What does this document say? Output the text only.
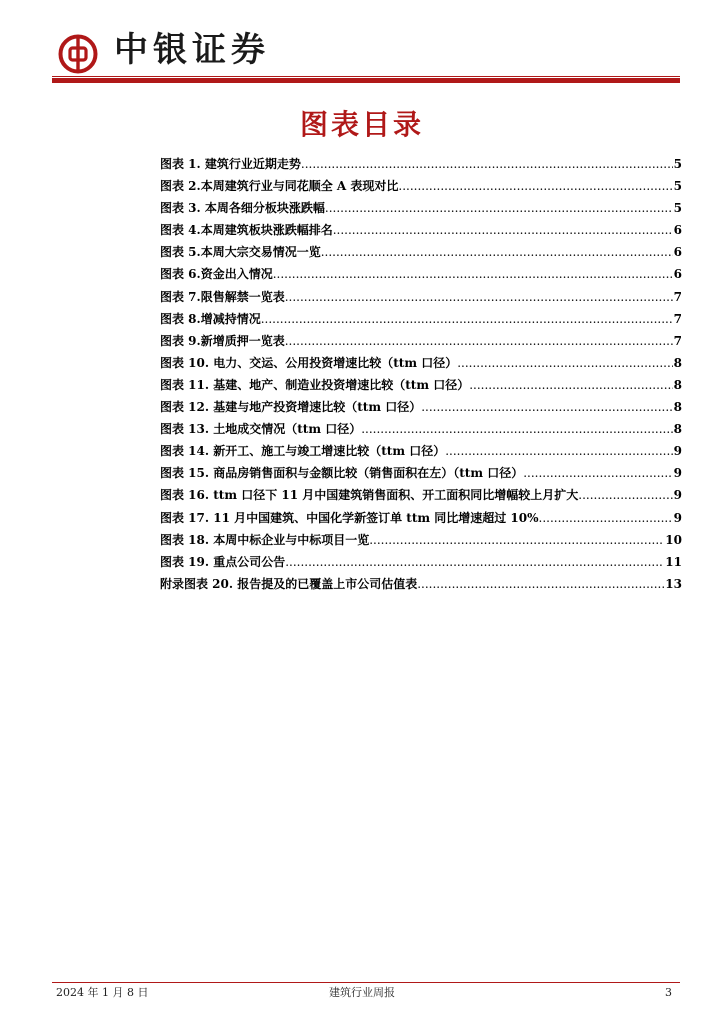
中银证券
图表目录
图表 1. 建筑行业近期走势 .....	5
图表 2.本周建筑行业与同花顺全 A 表现对比 .....	5
图表 3. 本周各细分板块涨跌幅 .....	5
图表 4.本周建筑板块涨跌幅排名 .....	6
图表 5.本周大宗交易情况一览 .....	6
图表 6.资金出入情况 .....	6
图表 7.限售解禁一览表 .....	7
图表 8.增减持情况 .....	7
图表 9.新增质押一览表 .....	7
图表 10. 电力、交运、公用投资增速比较（ttm 口径） .....	8
图表 11. 基建、地产、制造业投资增速比较（ttm 口径） .....	8
图表 12. 基建与地产投资增速比较（ttm 口径） .....	8
图表 13. 土地成交情况（ttm 口径） .....	8
图表 14. 新开工、施工与竣工增速比较（ttm 口径） .....	9
图表 15. 商品房销售面积与金额比较（销售面积在左）（ttm 口径） .....	9
图表 16. ttm 口径下 11 月中国建筑销售面积、开工面积同比增幅较上月扩大 .....	9
图表 17. 11 月中国建筑、中国化学新签订单 ttm 同比增速超过 10% .....	9
图表 18. 本周中标企业与中标项目一览 .....	10
图表 19. 重点公司公告 .....	11
附录图表 20. 报告提及的已覆盖上市公司估值表 .....	13
2024 年 1 月 8 日	建筑行业周报	3
